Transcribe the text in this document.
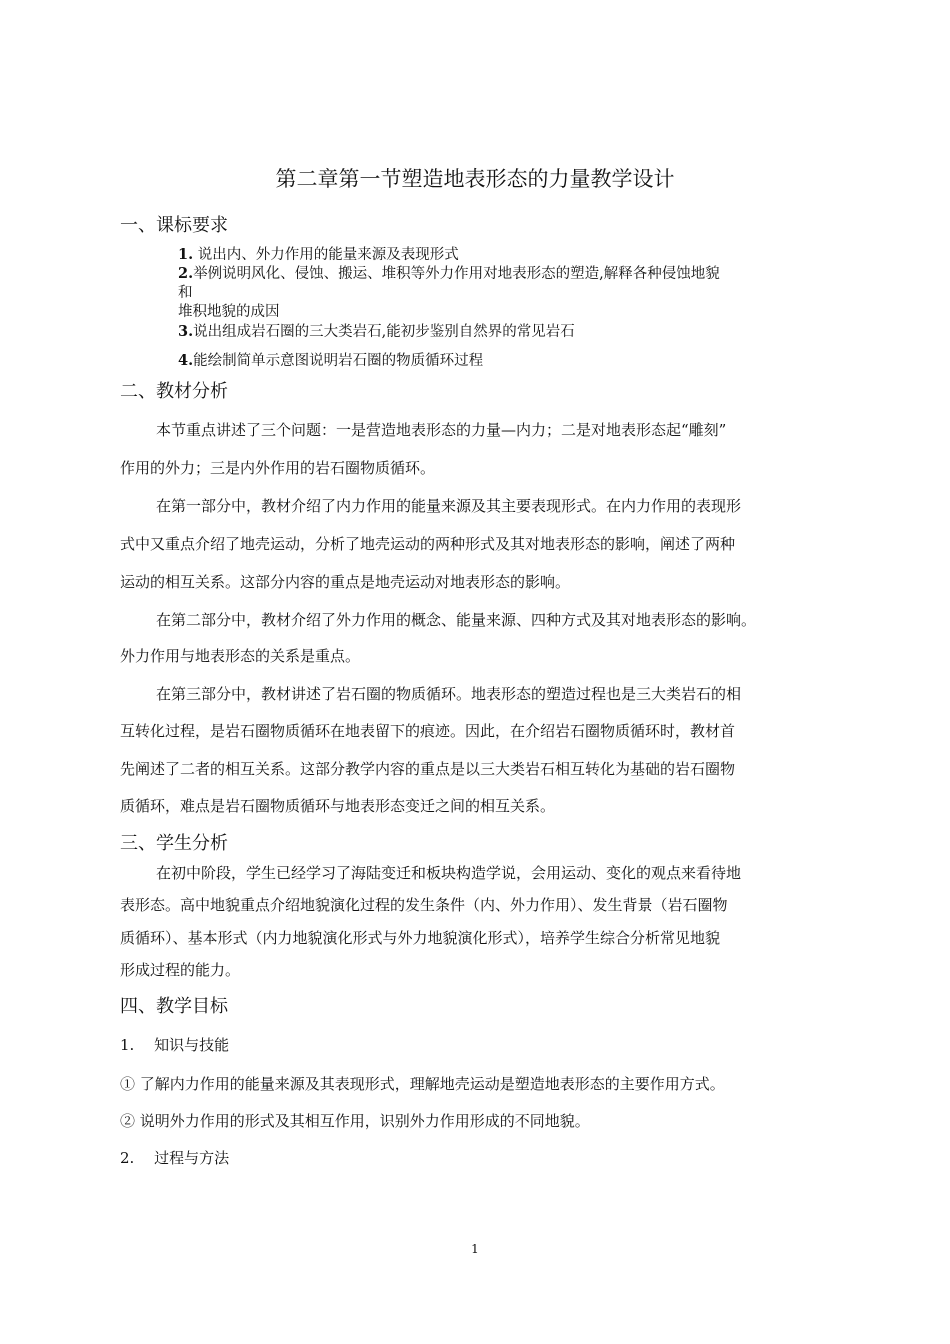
第二章第一节塑造地表形态的力量教学设计
一、课标要求
1. 说出内、外力作用的能量来源及表现形式
2.举例说明风化、侵蚀、搬运、堆积等外力作用对地表形态的塑造,解释各种侵蚀地貌
和
堆积地貌的成因
3.说出组成岩石圈的三大类岩石,能初步鉴别自然界的常见岩石
4.能绘制简单示意图说明岩石圈的物质循环过程
二、教材分析
本节重点讲述了三个问题：一是营造地表形态的力量—内力；二是对地表形态起“雕刻”
作用的外力；三是内外作用的岩石圈物质循环。
在第一部分中，教材介绍了内力作用的能量来源及其主要表现形式。在内力作用的表现形
式中又重点介绍了地壳运动，分析了地壳运动的两种形式及其对地表形态的影响，阐述了两种
运动的相互关系。这部分内容的重点是地壳运动对地表形态的影响。
在第二部分中，教材介绍了外力作用的概念、能量来源、四种方式及其对地表形态的影响。
外力作用与地表形态的关系是重点。
在第三部分中，教材讲述了岩石圈的物质循环。地表形态的塑造过程也是三大类岩石的相
互转化过程，是岩石圈物质循环在地表留下的痕迹。因此，在介绍岩石圈物质循环时，教材首
先阐述了二者的相互关系。这部分教学内容的重点是以三大类岩石相互转化为基础的岩石圈物
质循环，难点是岩石圈物质循环与地表形态变迁之间的相互关系。
三、学生分析
在初中阶段，学生已经学习了海陆变迁和板块构造学说，会用运动、变化的观点来看待地
表形态。高中地貌重点介绍地貌演化过程的发生条件（内、外力作用）、发生背景（岩石圈物
质循环）、基本形式（内力地貌演化形式与外力地貌演化形式），培养学生综合分析常见地貌
形成过程的能力。
四、教学目标
1.　 知识与技能
① 了解内力作用的能量来源及其表现形式，理解地壳运动是塑造地表形态的主要作用方式。
② 说明外力作用的形式及其相互作用，识别外力作用形成的不同地貌。
2.　 过程与方法
1
